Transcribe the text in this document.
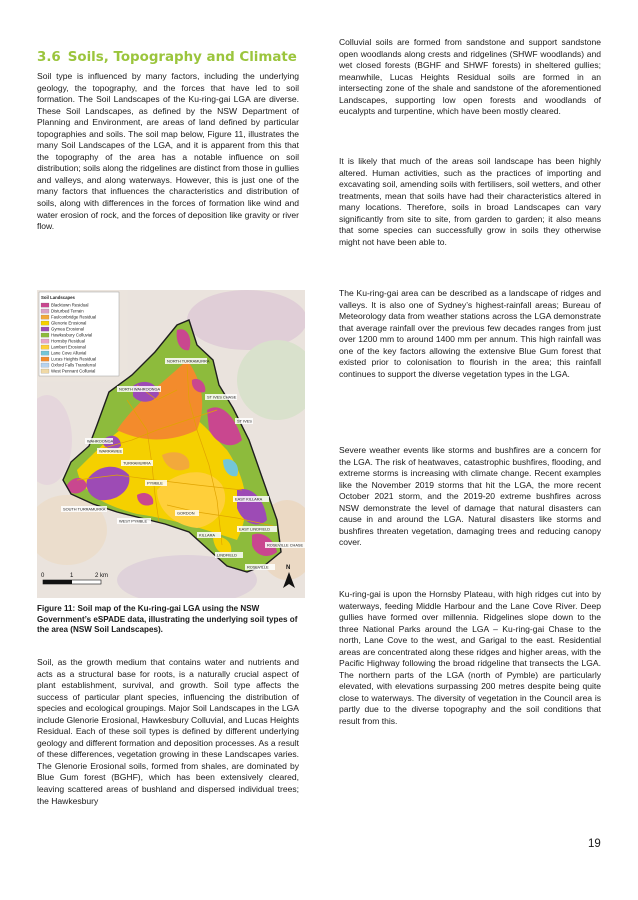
3.6 Soils, Topography and Climate

Soil type is influenced by many factors, including the underlying geology, the topography, and the forces that have led to soil formation. The Soil Landscapes of the Ku-ring-gai LGA are diverse. These Soil Landscapes, as defined by the NSW Department of Planning and Environment, are areas of land defined by particular topographies and soils. The soil map below, Figure 11, illustrates the many Soil Landscapes of the LGA, and it is apparent from this that the topography of the area has a notable influence on soil distribution; soils along the ridgelines are distinct from those in gullies and valleys, and along waterways. However, this is just one of the many factors that influences the characteristics and distribution of soils, along with differences in the forces of formation like wind and water erosion of rock, and the forces of deposition like gravity or river flow.

Soil Landscapes
Blacktown Residual
Disturbed Terrain
Faulconbridge Residual
Glenorie Erosional
Gymea Erosional
Hawkesbury Colluvial
Hornsby Residual
Lambert Erosional
Lane Cove Alluvial
Lucas Heights Residual
Oxford Falls Transferral
West Pennant Colluvial
NORTH TURRAMURRA
NORTH WAHROONGA
ST IVES CHASE
ST IVES
WAHROONGA
WARRAWEE
TURRAMURRA
PYMBLE
SOUTH TURRAMURRA
WEST PYMBLE
GORDON
EAST KILLARA
KILLARA
EAST LINDFIELD
ROSEVILLE CHASE
LINDFIELD
ROSEVILLE
0	1	2 km
N

Figure 11: Soil map of the Ku-ring-gai LGA using the NSW Government’s eSPADE data, illustrating the underlying soil types of the area (NSW Soil Landscapes).

Soil, as the growth medium that contains water and nutrients and acts as a structural base for roots, is a naturally crucial aspect of plant establishment, survival, and growth. Soil type affects the success of particular plant species, influencing the distribution of species and ecological groupings. Major Soil Landscapes in the LGA include Glenorie Erosional, Hawkesbury Colluvial, and Lucas Heights Residual. Each of these soil types is defined by different underlying geology and different formation and deposition processes. As a result of these differences, vegetation growing in these Landscapes varies. The Glenorie Erosional soils, formed from shales, are dominated by Blue Gum forest (BGHF), which has been extensively cleared, leaving scattered areas of bushland and dispersed individual trees; the Hawkesbury

Colluvial soils are formed from sandstone and support sandstone open woodlands along crests and ridgelines (SHWF woodlands) and wet closed forests (BGHF and SHWF forests) in sheltered gullies; meanwhile, Lucas Heights Residual soils are formed in an intersecting zone of the shale and sandstone of the aforementioned Landscapes, supporting low open forests and woodlands of eucalypts and turpentine, which have been mostly cleared.

It is likely that much of the areas soil landscape has been highly altered. Human activities, such as the practices of importing and excavating soil, amending soils with fertilisers, soil wetters, and other treatments, mean that soils have had their characteristics altered in many locations. Therefore, soils in broad Landscapes can vary significantly from site to site, from garden to garden; it also means that some species can successfully grow in soils they otherwise might not have been able to.

The Ku-ring-gai area can be described as a landscape of ridges and valleys. It is also one of Sydney’s highest-rainfall areas; Bureau of Meteorology data from weather stations across the LGA demonstrate that average rainfall over the previous few decades ranges from just over 1200 mm to around 1400 mm per annum. This high rainfall was one of the key factors allowing the extensive Blue Gum forest that existed prior to colonisation to flourish in the area; this rainfall continues to support the diverse vegetation types in the LGA.

Severe weather events like storms and bushfires are a concern for the LGA. The risk of heatwaves, catastrophic bushfires, flooding, and extreme storms is increasing with climate change. Recent examples like the November 2019 storms that hit the LGA, the more recent October 2021 storm, and the 2019-20 extreme bushfires across NSW demonstrate the level of damage that natural disasters can cause in and around the LGA. Natural disasters like storms and bushfires threaten vegetation, damaging trees and reducing canopy cover.

Ku-ring-gai is upon the Hornsby Plateau, with high ridges cut into by waterways, feeding Middle Harbour and the Lane Cove River. Deep gullies have formed over millennia. Ridgelines slope down to the three National Parks around the LGA – Ku-ring-gai Chase to the north, Lane Cove to the west, and Garigal to the east. Residential areas are concentrated along these ridges and higher areas, with the Pacific Highway following the broad ridgeline that transects the LGA. The northern parts of the LGA (north of Pymble) are particularly elevated, with elevations surpassing 200 metres despite being quite close to waterways. The diversity of vegetation in the Council area is partly due to the diverse topography and the soil conditions that result from this.

19
